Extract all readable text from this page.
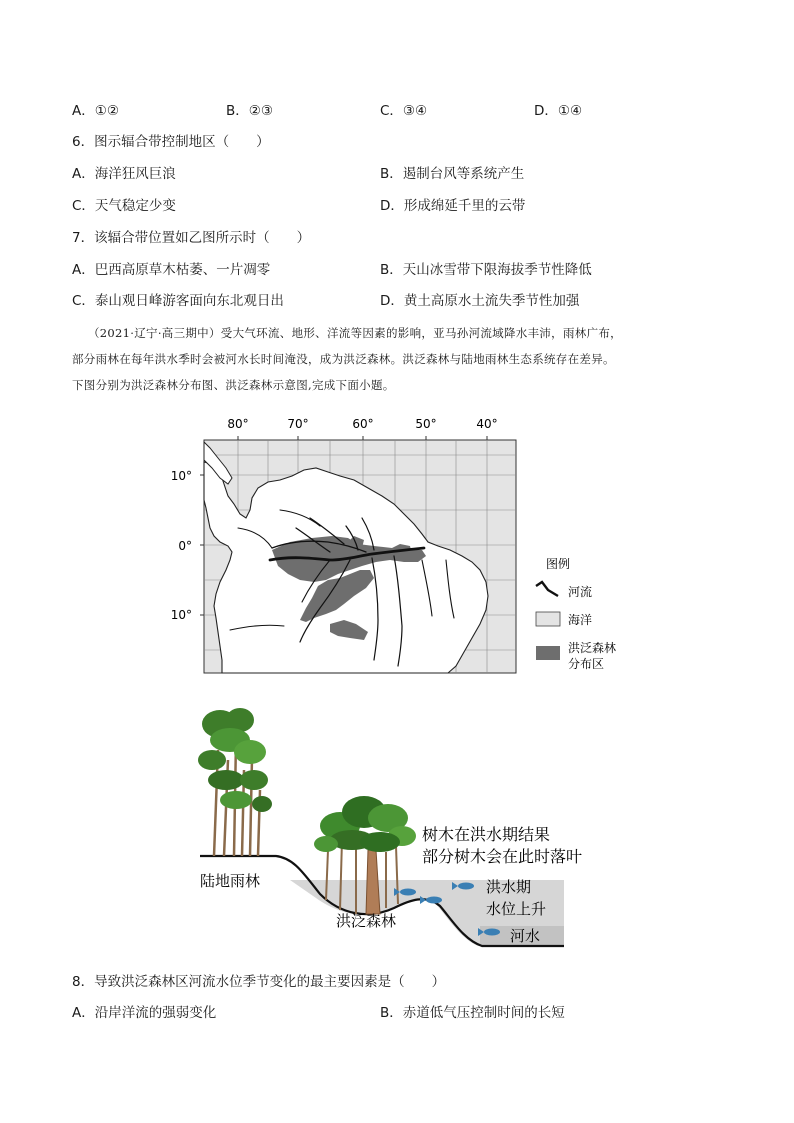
A．①②	B．②③	C．③④	D．①④
6．图示辐合带控制地区（　　）
A．海洋狂风巨浪	B．遏制台风等系统产生
C．天气稳定少变	D．形成绵延千里的云带
7．该辐合带位置如乙图所示时（　　）
A．巴西高原草木枯萎、一片凋零	B．天山冰雪带下限海拔季节性降低
C．泰山观日峰游客面向东北观日出	D．黄土高原水土流失季节性加强

（2021·辽宁·高三期中）受大气环流、地形、洋流等因素的影响，亚马孙河流域降水丰沛，雨林广布，

部分雨林在每年洪水季时会被河水长时间淹没，成为洪泛森林。洪泛森林与陆地雨林生态系统存在差异。

下图分别为洪泛森林分布图、洪泛森林示意图,完成下面小题。

80°	70°	60°	50°	40°
10°
0°
10°
图例
河流
海洋
洪泛森林
分布区
陆地雨林
洪泛森林
树木在洪水期结果
部分树木会在此时落叶
洪水期
水位上升
河水
8．导致洪泛森林区河流水位季节变化的最主要因素是（　　）
A．沿岸洋流的强弱变化	B．赤道低气压控制时间的长短
